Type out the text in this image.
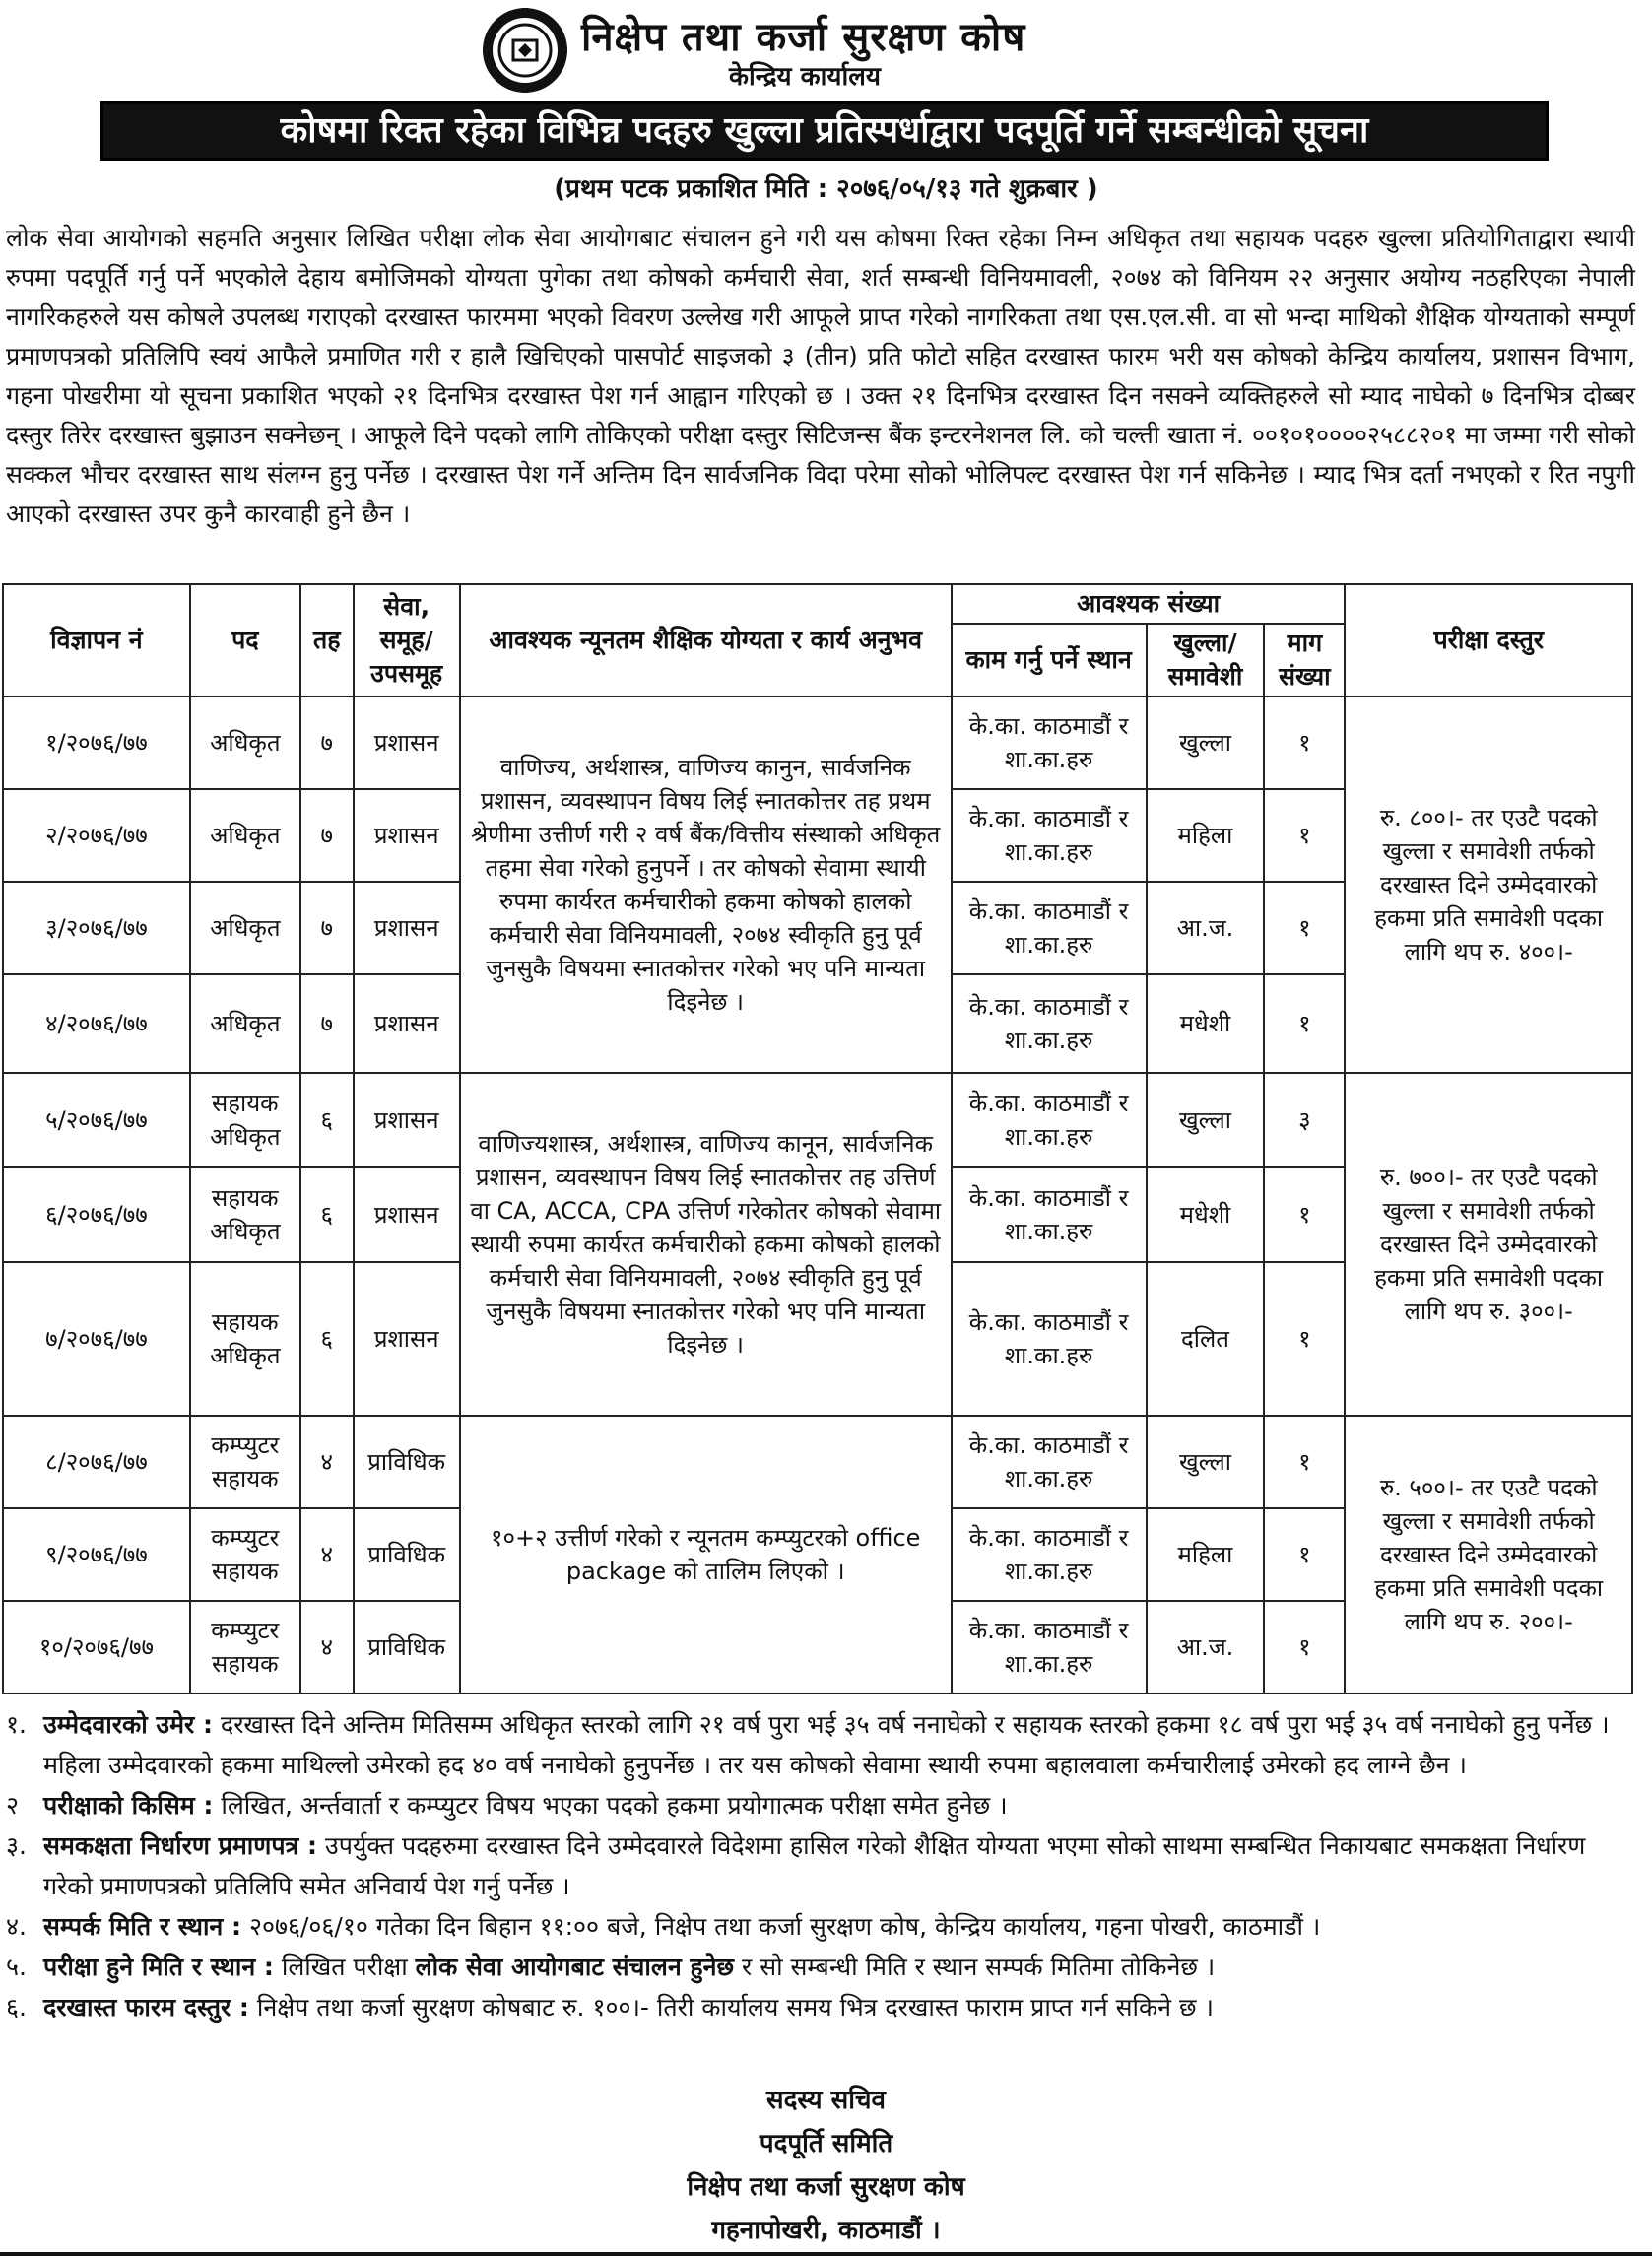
निक्षेप तथा कर्जा सुरक्षण कोष
केन्द्रिय कार्यालय
कोषमा रिक्त रहेका विभिन्न पदहरु खुल्ला प्रतिस्पर्धाद्वारा पदपूर्ति गर्ने सम्बन्धीको सूचना
(प्रथम पटक प्रकाशित मिति : २०७६/०५/१३ गते शुक्रबार )
लोक सेवा आयोगको सहमति अनुसार लिखित परीक्षा लोक सेवा आयोगबाट संचालन हुने गरी यस कोषमा रिक्त रहेका निम्न अधिकृत तथा सहायक पदहरु खुल्ला प्रतियोगिताद्वारा स्थायी रुपमा पदपूर्ति गर्नु पर्ने भएकोले देहाय बमोजिमको योग्यता पुगेका तथा कोषको कर्मचारी सेवा, शर्त सम्बन्धी विनियमावली, २०७४ को विनियम २२ अनुसार अयोग्य नठहरिएका नेपाली नागरिकहरुले यस कोषले उपलब्ध गराएको दरखास्त फारममा भएको विवरण उल्लेख गरी आफूले प्राप्त गरेको नागरिकता तथा एस.एल.सी. वा सो भन्दा माथिको शैक्षिक योग्यताको सम्पूर्ण प्रमाणपत्रको प्रतिलिपि स्वयं आफैले प्रमाणित गरी र हालै खिचिएको पासपोर्ट साइजको ३ (तीन) प्रति फोटो सहित दरखास्त फारम भरी यस कोषको केन्द्रिय कार्यालय, प्रशासन विभाग, गहना पोखरीमा यो सूचना प्रकाशित भएको २१ दिनभित्र दरखास्त पेश गर्न आह्वान गरिएको छ । उक्त २१ दिनभित्र दरखास्त दिन नसक्ने व्यक्तिहरुले सो म्याद नाघेको ७ दिनभित्र दोब्बर दस्तुर तिरेर दरखास्त बुझाउन सक्नेछन् । आफूले दिने पदको लागि तोकिएको परीक्षा दस्तुर सिटिजन्स बैंक इन्टरनेशनल लि. को चल्ती खाता नं. ००१०१००००२५८८२०१ मा जम्मा गरी सोको सक्कल भौचर दरखास्त साथ संलग्न हुनु पर्नेछ । दरखास्त पेश गर्ने अन्तिम दिन सार्वजनिक विदा परेमा सोको भोलिपल्ट दरखास्त पेश गर्न सकिनेछ । म्याद भित्र दर्ता नभएको र रित नपुगी आएको दरखास्त उपर कुनै कारवाही हुने छैन ।
विज्ञापन नं	पद	तह	सेवा, समूह/ उपसमूह	आवश्यक न्यूनतम शैक्षिक योग्यता र कार्य अनुभव	आवश्यक संख्या			परीक्षा दस्तुर
					काम गर्नु पर्ने स्थान	खुल्ला/ समावेशी	माग संख्या	
१/२०७६/७७	अधिकृत	७	प्रशासन	वाणिज्य, अर्थशास्त्र, वाणिज्य कानुन, सार्वजनिक प्रशासन, व्यवस्थापन विषय लिई स्नातकोत्तर तह प्रथम श्रेणीमा उत्तीर्ण गरी २ वर्ष बैंक/वित्तीय संस्थाको अधिकृत तहमा सेवा गरेको हुनुपर्ने । तर कोषको सेवामा स्थायी रुपमा कार्यरत कर्मचारीको हकमा कोषको हालको कर्मचारी सेवा विनियमावली, २०७४ स्वीकृति हुनु पूर्व जुनसुकै विषयमा स्नातकोत्तर गरेको भए पनि मान्यता दिइनेछ ।	के.का. काठमाडौं र शा.का.हरु	खुल्ला	१	रु. ८००।- तर एउटै पदको खुल्ला र समावेशी तर्फको दरखास्त दिने उम्मेदवारको हकमा प्रति समावेशी पदका लागि थप रु. ४००।-
२/२०७६/७७	अधिकृत	७	प्रशासन		के.का. काठमाडौं र शा.का.हरु	महिला	१	
३/२०७६/७७	अधिकृत	७	प्रशासन		के.का. काठमाडौं र शा.का.हरु	आ.ज.	१	
४/२०७६/७७	अधिकृत	७	प्रशासन		के.का. काठमाडौं र शा.का.हरु	मधेशी	१	
५/२०७६/७७	सहायक अधिकृत	६	प्रशासन	वाणिज्यशास्त्र, अर्थशास्त्र, वाणिज्य कानून, सार्वजनिक प्रशासन, व्यवस्थापन विषय लिई स्नातकोत्तर तह उत्तिर्ण वा CA, ACCA, CPA उत्तिर्ण गरेकोतर कोषको सेवामा स्थायी रुपमा कार्यरत कर्मचारीको हकमा कोषको हालको कर्मचारी सेवा विनियमावली, २०७४ स्वीकृति हुनु पूर्व जुनसुकै विषयमा स्नातकोत्तर गरेको भए पनि मान्यता दिइनेछ ।	के.का. काठमाडौं र शा.का.हरु	खुल्ला	३	रु. ७००।- तर एउटै पदको खुल्ला र समावेशी तर्फको दरखास्त दिने उम्मेदवारको हकमा प्रति समावेशी पदका लागि थप रु. ३००।-
६/२०७६/७७	सहायक अधिकृत	६	प्रशासन		के.का. काठमाडौं र शा.का.हरु	मधेशी	१	
७/२०७६/७७	सहायक अधिकृत	६	प्रशासन		के.का. काठमाडौं र शा.का.हरु	दलित	१	
८/२०७६/७७	कम्प्युटर सहायक	४	प्राविधिक	१०+२ उत्तीर्ण गरेको र न्यूनतम कम्प्युटरको office package को तालिम लिएको ।	के.का. काठमाडौं र शा.का.हरु	खुल्ला	१	रु. ५००।- तर एउटै पदको खुल्ला र समावेशी तर्फको दरखास्त दिने उम्मेदवारको हकमा प्रति समावेशी पदका लागि थप रु. २००।-
९/२०७६/७७	कम्प्युटर सहायक	४	प्राविधिक		के.का. काठमाडौं र शा.का.हरु	महिला	१	
१०/२०७६/७७	कम्प्युटर सहायक	४	प्राविधिक		के.का. काठमाडौं र शा.का.हरु	आ.ज.	१	
१. उम्मेदवारको उमेर : दरखास्त दिने अन्तिम मितिसम्म अधिकृत स्तरको लागि २१ वर्ष पुरा भई ३५ वर्ष ननाघेको र सहायक स्तरको हकमा १८ वर्ष पुरा भई ३५ वर्ष ननाघेको हुनु पर्नेछ । महिला उम्मेदवारको हकमा माथिल्लो उमेरको हद ४० वर्ष ननाघेको हुनुपर्नेछ । तर यस कोषको सेवामा स्थायी रुपमा बहालवाला कर्मचारीलाई उमेरको हद लाग्ने छैन ।
२ परीक्षाको किसिम : लिखित, अर्न्तवार्ता र कम्प्युटर विषय भएका पदको हकमा प्रयोगात्मक परीक्षा समेत हुनेछ ।
३. समकक्षता निर्धारण प्रमाणपत्र : उपर्युक्त पदहरुमा दरखास्त दिने उम्मेदवारले विदेशमा हासिल गरेको शैक्षित योग्यता भएमा सोको साथमा सम्बन्धित निकायबाट समकक्षता निर्धारण गरेको प्रमाणपत्रको प्रतिलिपि समेत अनिवार्य पेश गर्नु पर्नेछ ।
४. सम्पर्क मिति र स्थान : २०७६/०६/१० गतेका दिन बिहान ११:०० बजे, निक्षेप तथा कर्जा सुरक्षण कोष, केन्द्रिय कार्यालय, गहना पोखरी, काठमाडौं ।
५. परीक्षा हुने मिति र स्थान : लिखित परीक्षा लोक सेवा आयोगबाट संचालन हुनेछ र सो सम्बन्धी मिति र स्थान सम्पर्क मितिमा तोकिनेछ ।
६. दरखास्त फारम दस्तुर : निक्षेप तथा कर्जा सुरक्षण कोषबाट रु. १००।- तिरी कार्यालय समय भित्र दरखास्त फाराम प्राप्त गर्न सकिने छ ।
सदस्य सचिव
पदपूर्ति समिति
निक्षेप तथा कर्जा सुरक्षण कोष
गहनापोखरी, काठमाडौं ।
